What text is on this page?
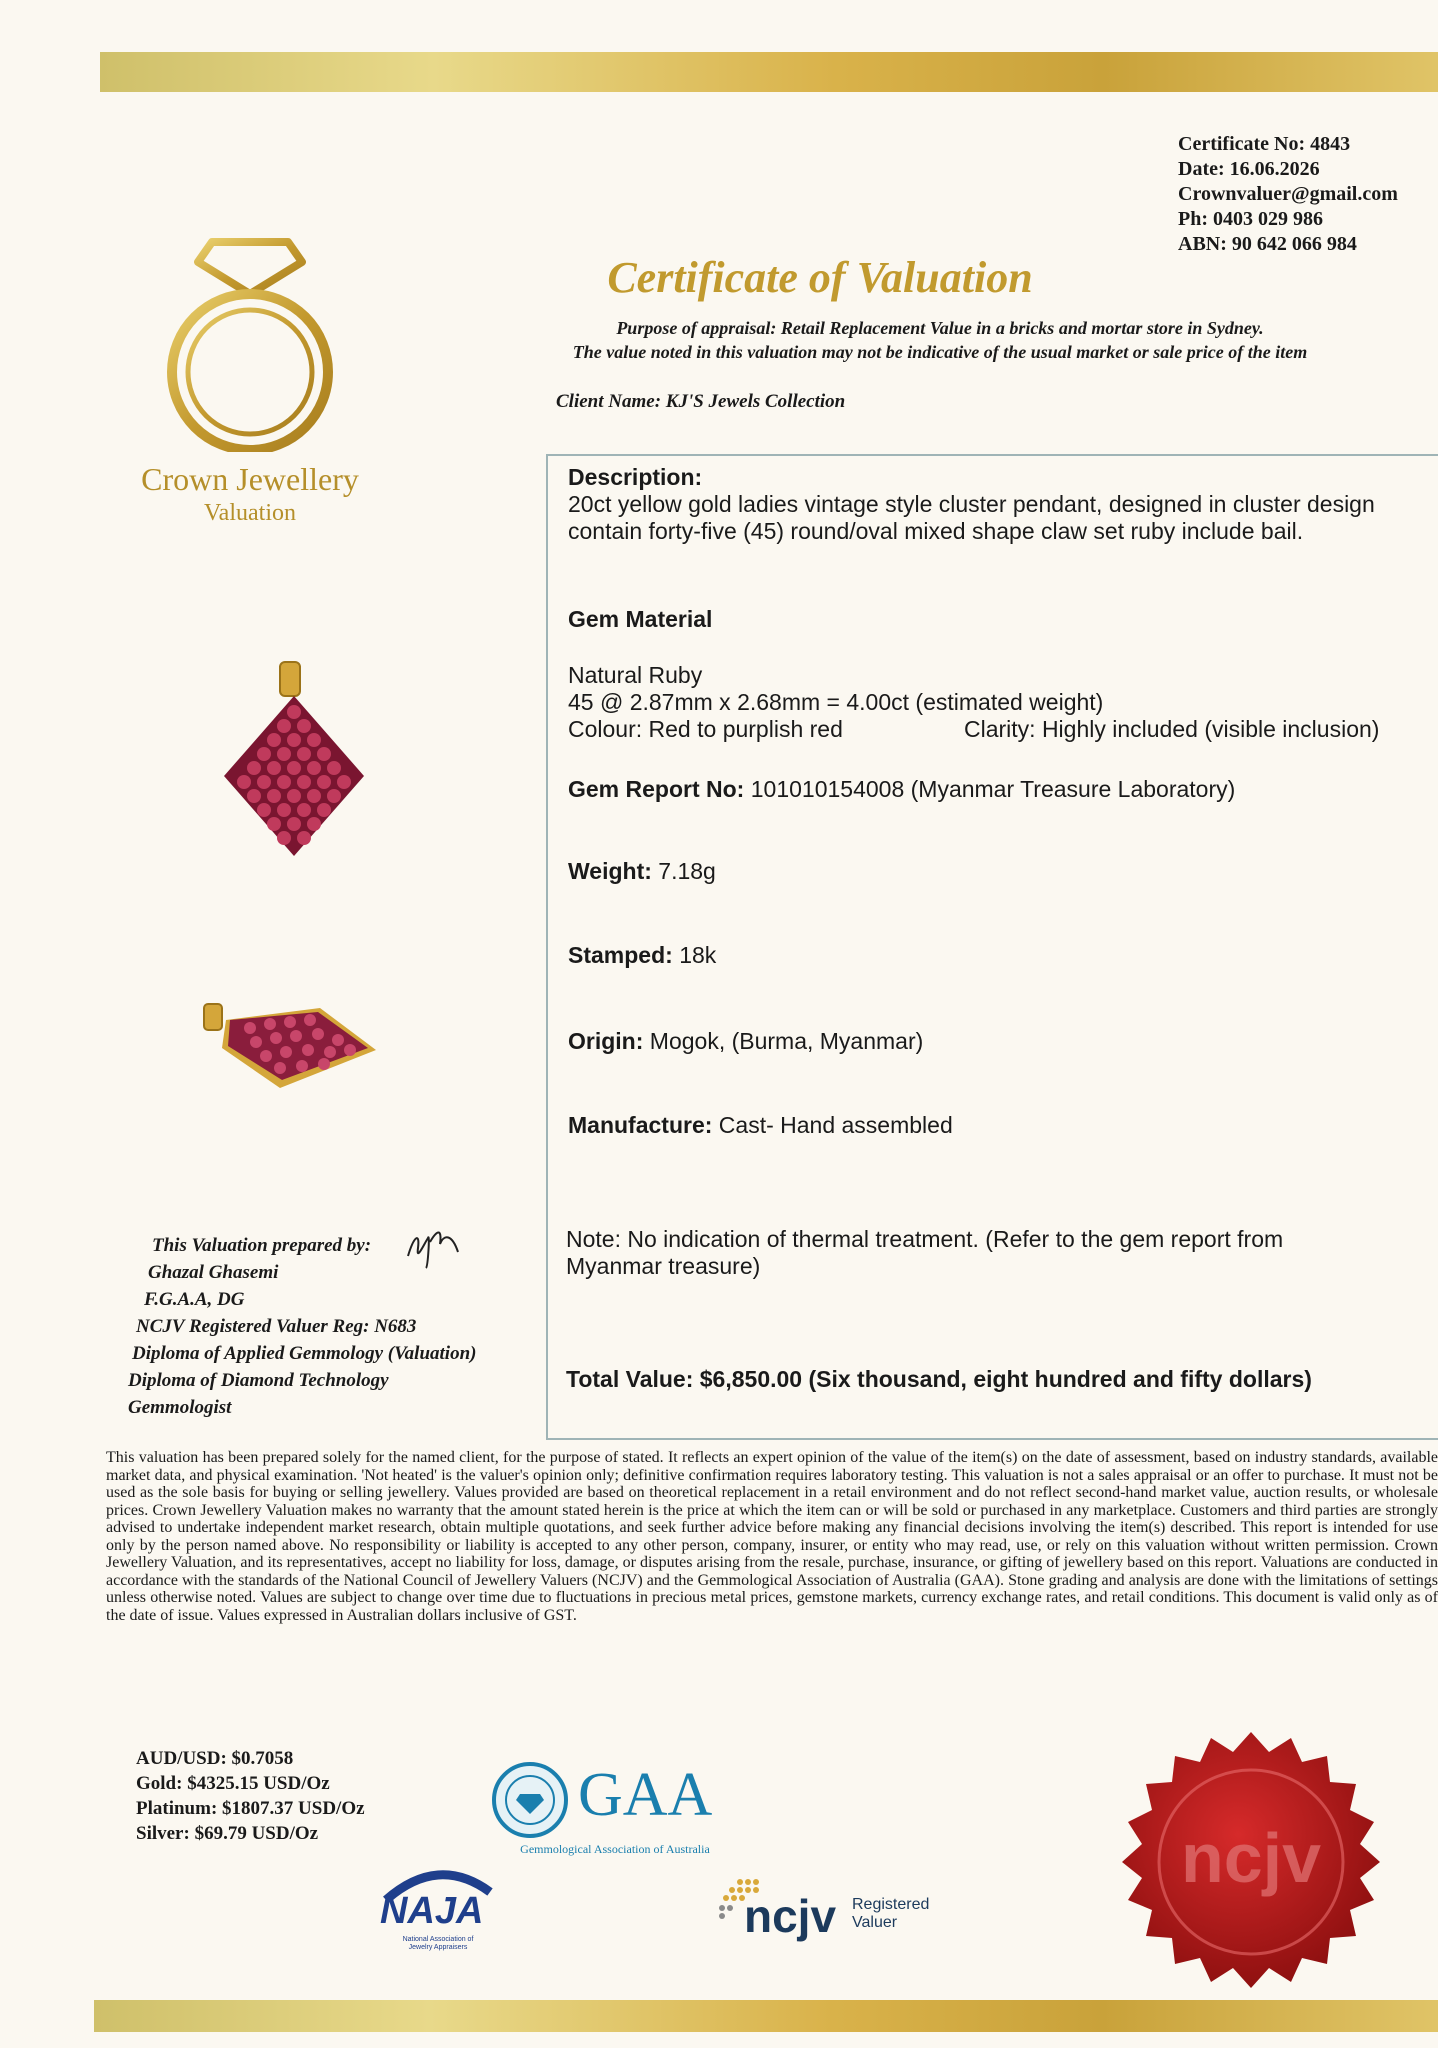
Certificate No: 4843
Date: 16.06.2026
Crownvaluer@gmail.com
Ph: 0403 029 986
ABN: 90 642 066 984
Crown Jewellery
Valuation
Certificate of Valuation
Purpose of appraisal: Retail Replacement Value in a bricks and mortar store in Sydney.
The value noted in this valuation may not be indicative of the usual market or sale price of the item
Client Name: KJ'S Jewels Collection
Description:
20ct yellow gold ladies vintage style cluster pendant, designed in cluster design contain forty-five (45) round/oval mixed shape claw set ruby include bail.
Gem Material
Natural Ruby
45 @ 2.87mm x 2.68mm = 4.00ct (estimated weight)
Colour: Red to purplish red	Clarity: Highly included (visible inclusion)
Gem Report No: 101010154008 (Myanmar Treasure Laboratory)
Weight: 7.18g
Stamped: 18k
Origin: Mogok, (Burma, Myanmar)
Manufacture: Cast- Hand assembled
Note: No indication of thermal treatment. (Refer to the gem report from Myanmar treasure)
Total Value: $6,850.00 (Six thousand, eight hundred and fifty dollars)
This Valuation prepared by:
Ghazal Ghasemi
F.G.A.A, DG
NCJV Registered Valuer Reg: N683
Diploma of Applied Gemmology (Valuation)
Diploma of Diamond Technology
Gemmologist
This valuation has been prepared solely for the named client, for the purpose of stated. It reflects an expert opinion of the value of the item(s) on the date of assessment, based on industry standards, available market data, and physical examination. 'Not heated' is the valuer's opinion only; definitive confirmation requires laboratory testing. This valuation is not a sales appraisal or an offer to purchase. It must not be used as the sole basis for buying or selling jewellery. Values provided are based on theoretical replacement in a retail environment and do not reflect second-hand market value, auction results, or wholesale prices. Crown Jewellery Valuation makes no warranty that the amount stated herein is the price at which the item can or will be sold or purchased in any marketplace. Customers and third parties are strongly advised to undertake independent market research, obtain multiple quotations, and seek further advice before making any financial decisions involving the item(s) described. This report is intended for use only by the person named above. No responsibility or liability is accepted to any other person, company, insurer, or entity who may read, use, or rely on this valuation without written permission. Crown Jewellery Valuation, and its representatives, accept no liability for loss, damage, or disputes arising from the resale, purchase, insurance, or gifting of jewellery based on this report. Valuations are conducted in accordance with the standards of the National Council of Jewellery Valuers (NCJV) and the Gemmological Association of Australia (GAA). Stone grading and analysis are done with the limitations of settings unless otherwise noted. Values are subject to change over time due to fluctuations in precious metal prices, gemstone markets, currency exchange rates, and retail conditions. This document is valid only as of the date of issue. Values expressed in Australian dollars inclusive of GST.
AUD/USD: $0.7058
Gold: $4325.15 USD/Oz
Platinum: $1807.37 USD/Oz
Silver: $69.79 USD/Oz
GAA
Gemmological Association of Australia
NAJA
National Association of
Jewelry Appraisers
ncjv Registered
Valuer
ncjv
